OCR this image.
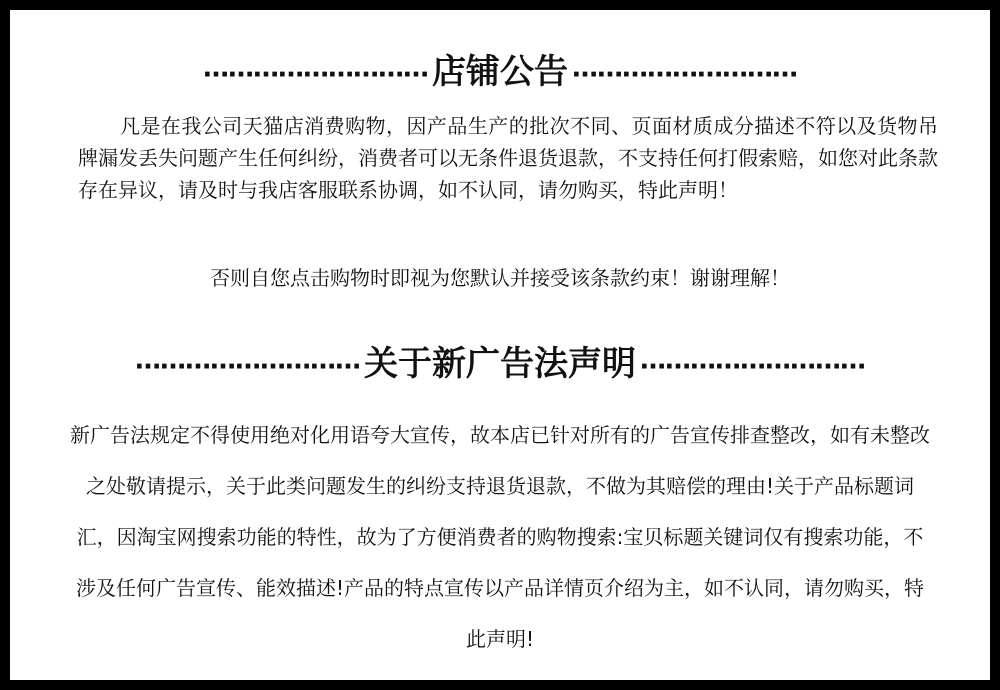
……………………… 店铺公告 ………………………
凡是在我公司天猫店消费购物，因产品生产的批次不同、页面材质成分描述不符以及货物吊牌漏发丢失问题产生任何纠纷，消费者可以无条件退货退款，不支持任何打假索赔，如您对此条款存在异议，请及时与我店客服联系协调，如不认同，请勿购买，特此声明！
否则自您点击购物时即视为您默认并接受该条款约束！谢谢理解！
……………………… 关于新广告法声明 ………………………
新广告法规定不得使用绝对化用语夸大宣传，故本店已针对所有的广告宣传排查整改，如有未整改之处敬请提示，关于此类问题发生的纠纷支持退货退款，不做为其赔偿的理由!关于产品标题词汇，因淘宝网搜索功能的特性，故为了方便消费者的购物搜索:宝贝标题关键词仅有搜索功能，不涉及任何广告宣传、能效描述!产品的特点宣传以产品详情页介绍为主，如不认同，请勿购买，特此声明!
